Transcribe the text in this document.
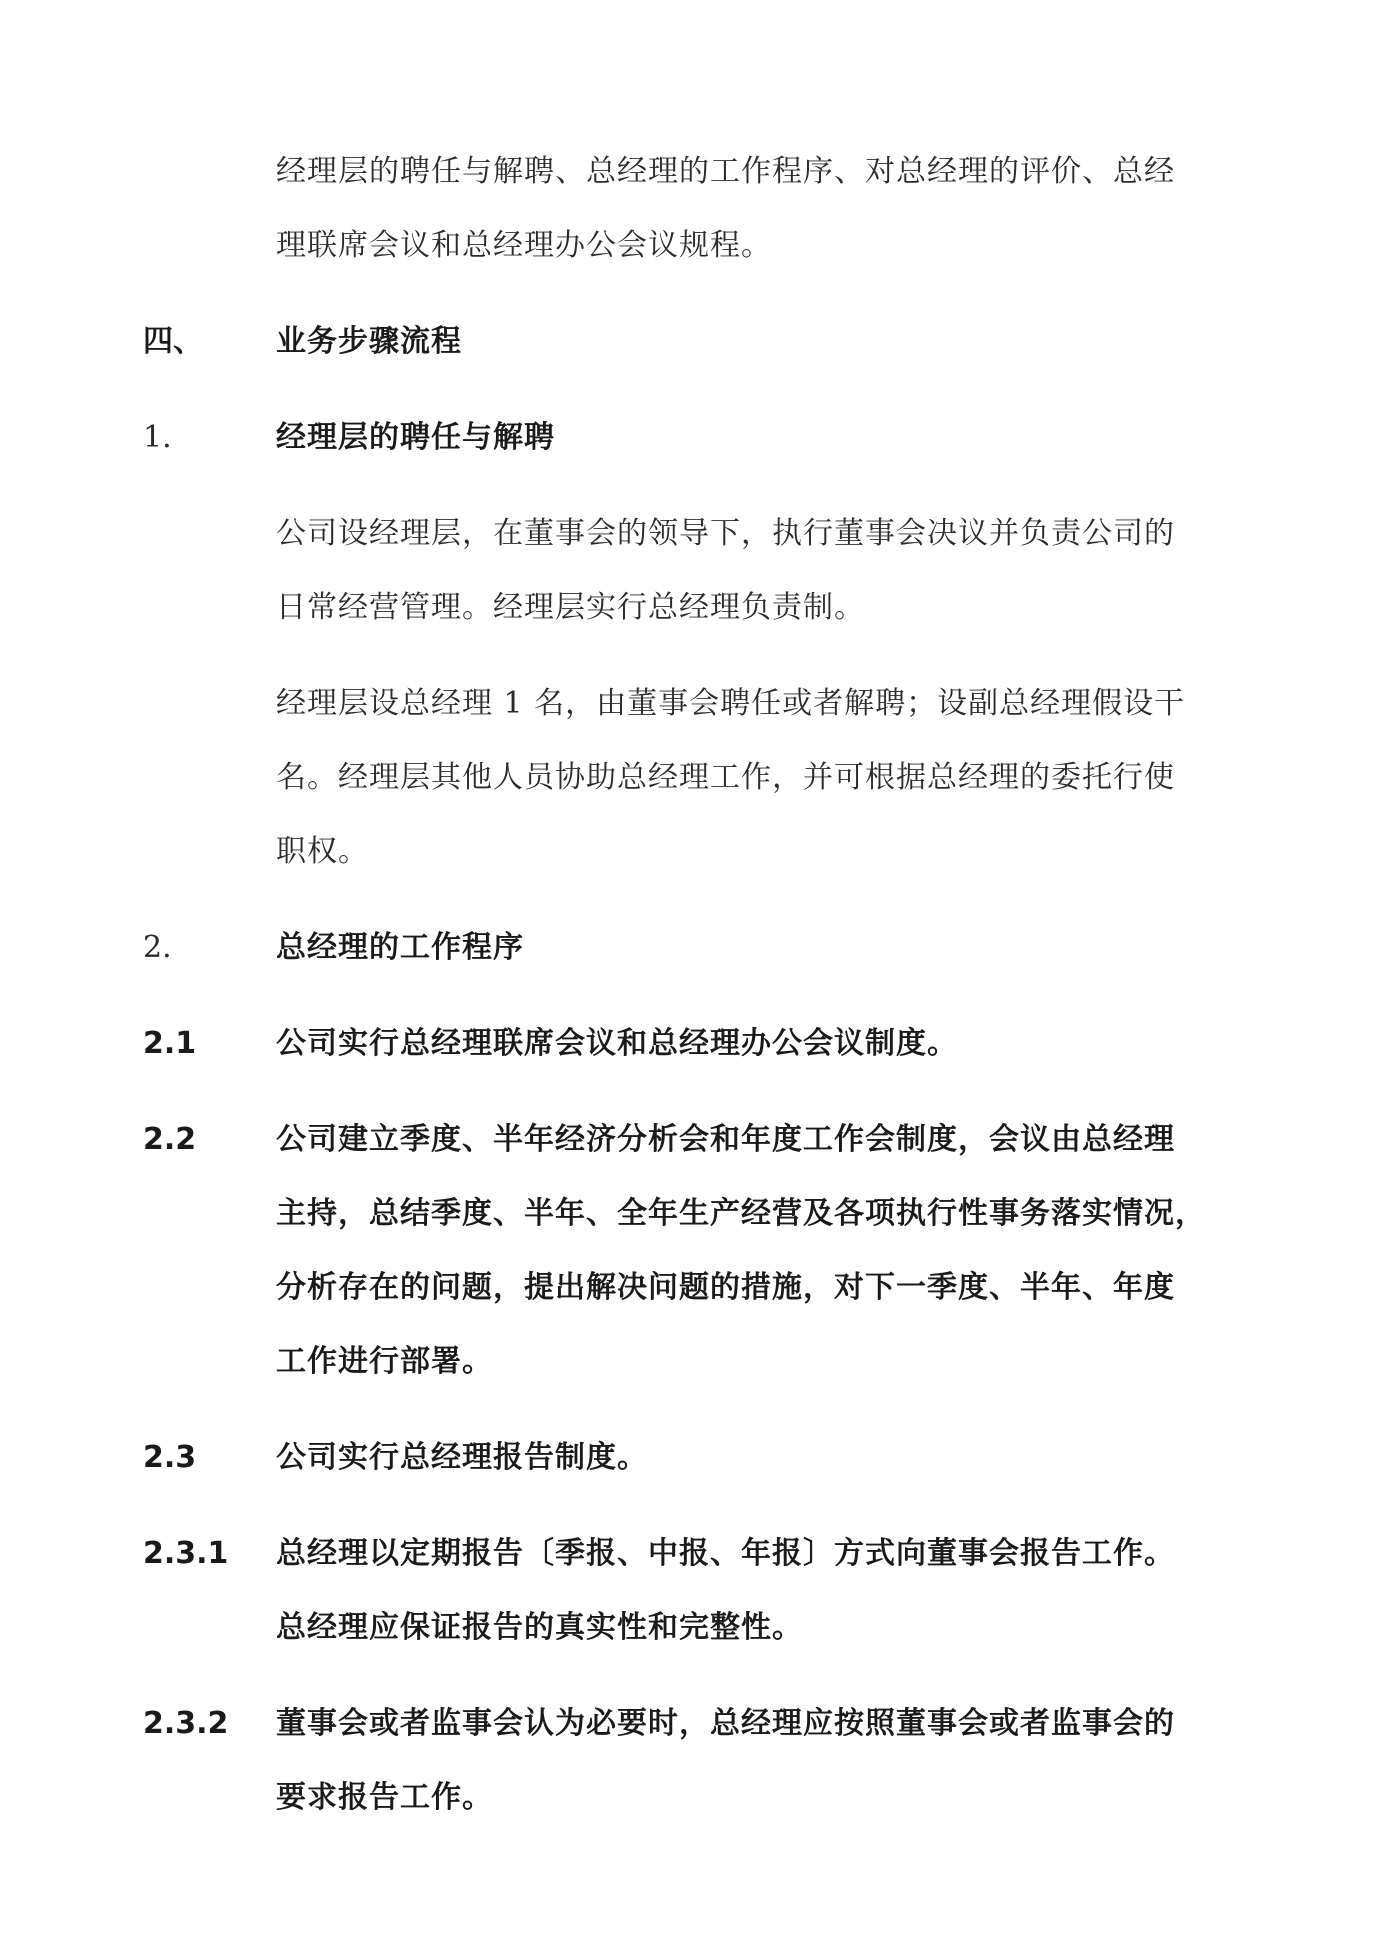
经理层的聘任与解聘、总经理的工作程序、对总经理的评价、总经
理联席会议和总经理办公会议规程。
四、 业务步骤流程
1.	经理层的聘任与解聘
公司设经理层，在董事会的领导下，执行董事会决议并负责公司的
日常经营管理。经理层实行总经理负责制。
经理层设总经理 1 名，由董事会聘任或者解聘；设副总经理假设干
名。经理层其他人员协助总经理工作，并可根据总经理的委托行使
职权。
2.	总经理的工作程序
2.1	公司实行总经理联席会议和总经理办公会议制度。
2.2	公司建立季度、半年经济分析会和年度工作会制度，会议由总经理
主持，总结季度、半年、全年生产经营及各项执行性事务落实情况，
分析存在的问题，提出解决问题的措施，对下一季度、半年、年度
工作进行部署。
2.3	公司实行总经理报告制度。
2.3.1 总经理以定期报告〔季报、中报、年报〕方式向董事会报告工作。
总经理应保证报告的真实性和完整性。
2.3.2 董事会或者监事会认为必要时，总经理应按照董事会或者监事会的
要求报告工作。
